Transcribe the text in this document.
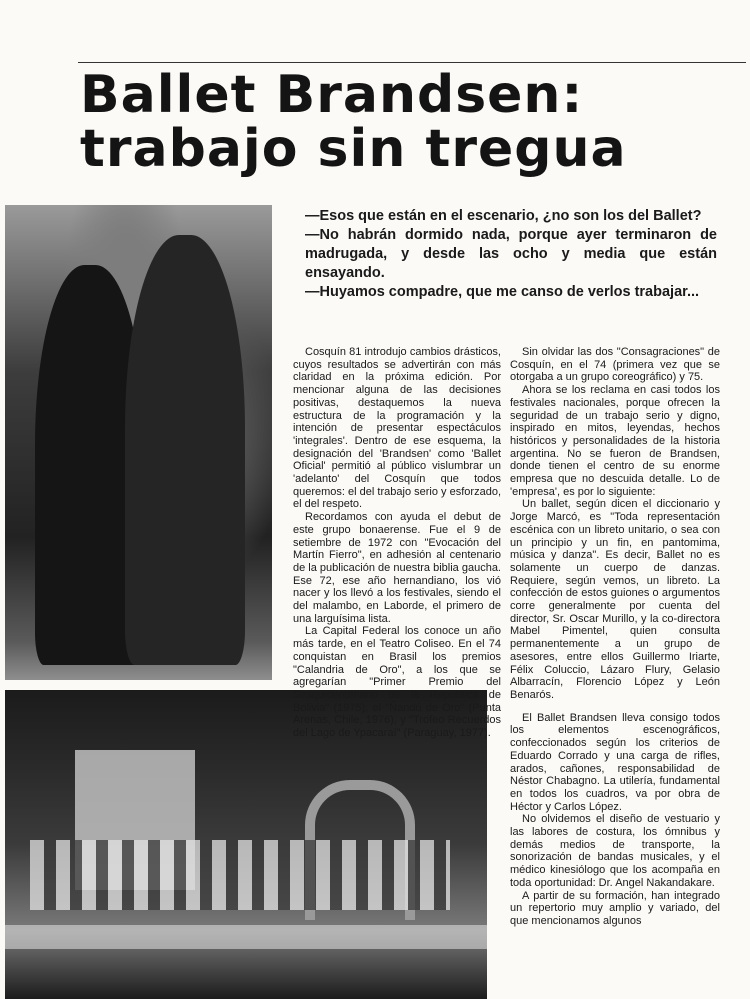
Ballet Brandsen:
trabajo sin tregua

—Esos que están en el escenario, ¿no son los del Ballet?

—No habrán dormido nada, porque ayer terminaron de madrugada, y desde las ocho y media que están ensayando.

—Huyamos compadre, que me canso de verlos trabajar...

Cosquín 81 introdujo cambios drásticos, cuyos resultados se advertirán con más claridad en la próxima edición. Por mencionar alguna de las decisiones positivas, destaquemos la nueva estructura de la programación y la intención de presentar espectáculos 'integrales'. Dentro de ese esquema, la designación del 'Brandsen' como 'Ballet Oficial' permitió al público vislumbrar un 'adelanto' del Cosquín que todos queremos: el del trabajo serio y esforzado, el del respeto.

Recordamos con ayuda el debut de este grupo bonaerense. Fue el 9 de setiembre de 1972 con "Evocación del Martín Fierro", en adhesión al centenario de la publicación de nuestra biblia gaucha. Ese 72, ese año hernandiano, los vió nacer y los llevó a los festivales, siendo el del malambo, en Laborde, el primero de una larguísima lista.

La Capital Federal los conoce un año más tarde, en el Teatro Coliseo. En el 74 conquistan en Brasil los premios "Calandria de Oro", a los que se agregarían "Primer Premio del Sesquicentenario de la República de Bolivia" (1975), el "Ñandú de Oro" (Punta Arenas, Chile, 1976), y "Trofeo Recuerdos del Lago de Ypacaraí" (Paraguay, 1977).

Sin olvidar las dos "Consagraciones" de Cosquín, en el 74 (primera vez que se otorgaba a un grupo coreográfico) y 75.

Ahora se los reclama en casi todos los festivales nacionales, porque ofrecen la seguridad de un trabajo serio y digno, inspirado en mitos, leyendas, hechos históricos y personalidades de la historia argentina. No se fueron de Brandsen, donde tienen el centro de su enorme empresa que no descuida detalle. Lo de 'empresa', es por lo siguiente:

Un ballet, según dicen el diccionario y Jorge Marcó, es "Toda representación escénica con un libreto unitario, o sea con un principio y un fin, en pantomima, música y danza". Es decir, Ballet no es solamente un cuerpo de danzas. Requiere, según vemos, un libreto. La confección de estos guiones o argumentos corre generalmente por cuenta del director, Sr. Oscar Murillo, y la co-directora Mabel Pimentel, quien consulta permanentemente a un grupo de asesores, entre ellos Guillermo Iriarte, Félix Coluccio, Lázaro Flury, Gelasio Albarracín, Florencio López y León Benarós.

El Ballet Brandsen lleva consigo todos los elementos escenográficos, confeccionados según los criterios de Eduardo Corrado y una carga de rifles, arados, cañones, responsabilidad de Néstor Chabagno. La utilería, fundamental en todos los cuadros, va por obra de Héctor y Carlos López.

No olvidemos el diseño de vestuario y las labores de costura, los ómnibus y demás medios de transporte, la sonorización de bandas musicales, y el médico kinesiólogo que los acompaña en toda oportunidad: Dr. Angel Nakandakare.

A partir de su formación, han integrado un repertorio muy amplio y variado, del que mencionamos algunos
